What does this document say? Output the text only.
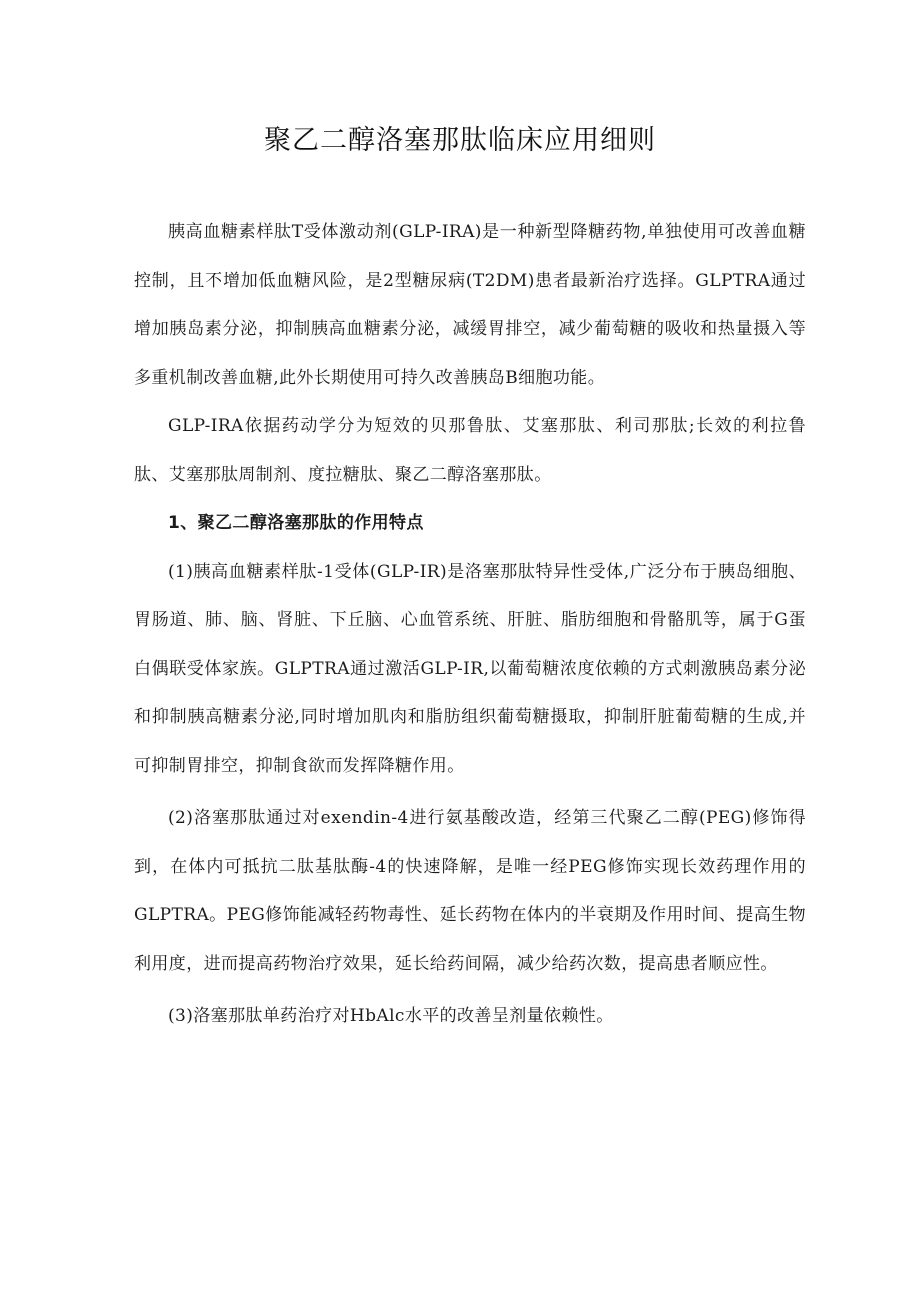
聚乙二醇洛塞那肽临床应用细则

胰高血糖素样肽T受体激动剂(GLP-IRA)是一种新型降糖药物,单独使用可改善血糖控制，且不增加低血糖风险，是2型糖尿病(T2DM)患者最新治疗选择。GLPTRA通过增加胰岛素分泌，抑制胰高血糖素分泌，减缓胃排空，减少葡萄糖的吸收和热量摄入等多重机制改善血糖,此外长期使用可持久改善胰岛B细胞功能。

GLP-IRA依据药动学分为短效的贝那鲁肽、艾塞那肽、利司那肽;长效的利拉鲁肽、艾塞那肽周制剂、度拉糖肽、聚乙二醇洛塞那肽。

1、聚乙二醇洛塞那肽的作用特点

(1)胰高血糖素样肽-1受体(GLP-IR)是洛塞那肽特异性受体,广泛分布于胰岛细胞、胃肠道、肺、脑、肾脏、下丘脑、心血管系统、肝脏、脂肪细胞和骨骼肌等，属于G蛋白偶联受体家族。GLPTRA通过激活GLP-IR,以葡萄糖浓度依赖的方式刺激胰岛素分泌和抑制胰高糖素分泌,同时增加肌肉和脂肪组织葡萄糖摄取，抑制肝脏葡萄糖的生成,并可抑制胃排空，抑制食欲而发挥降糖作用。

(2)洛塞那肽通过对exendin-4进行氨基酸改造，经第三代聚乙二醇(PEG)修饰得到，在体内可抵抗二肽基肽酶-4的快速降解，是唯一经PEG修饰实现长效药理作用的GLPTRA。PEG修饰能减轻药物毒性、延长药物在体内的半衰期及作用时间、提高生物利用度，进而提高药物治疗效果，延长给药间隔，减少给药次数，提高患者顺应性。

(3)洛塞那肽单药治疗对HbAlc水平的改善呈剂量依赖性。
